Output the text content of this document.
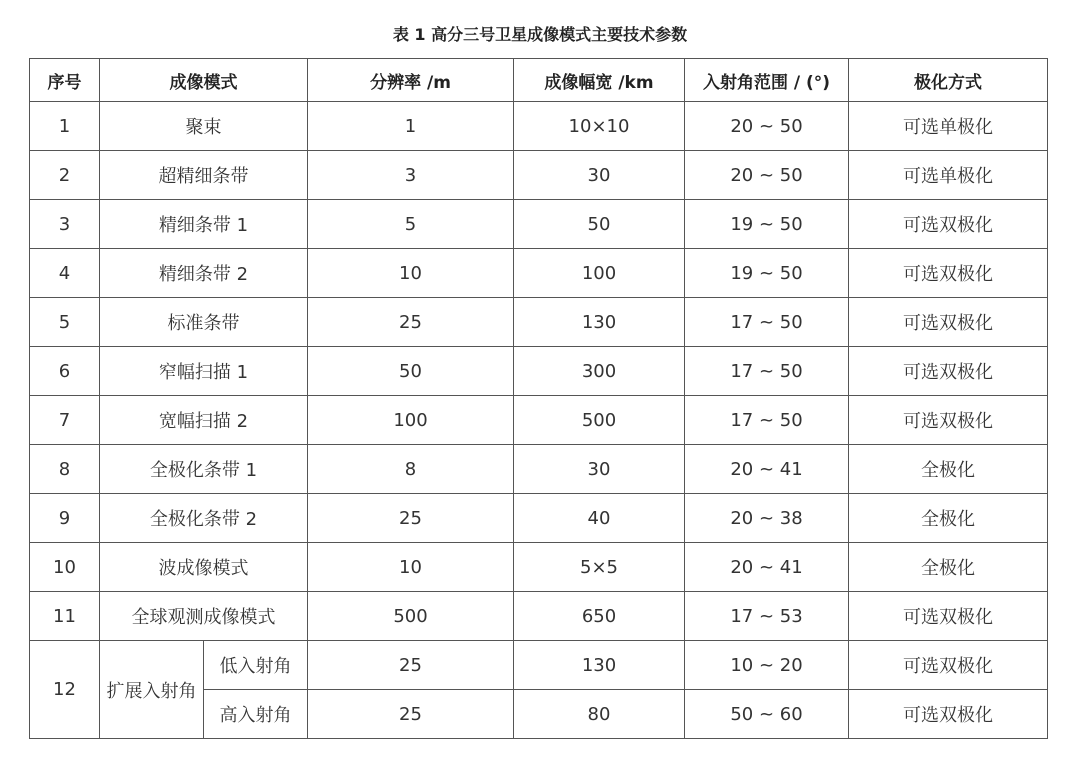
表 1 高分三号卫星成像模式主要技术参数
序号	成像模式		分辨率 /m	成像幅宽 /km	入射角范围 / (°)	极化方式
1	聚束		1	10×10	20 ~ 50	可选单极化
2	超精细条带		3	30	20 ~ 50	可选单极化
3	精细条带 1		5	50	19 ~ 50	可选双极化
4	精细条带 2		10	100	19 ~ 50	可选双极化
5	标准条带		25	130	17 ~ 50	可选双极化
6	窄幅扫描 1		50	300	17 ~ 50	可选双极化
7	宽幅扫描 2		100	500	17 ~ 50	可选双极化
8	全极化条带 1		8	30	20 ~ 41	全极化
9	全极化条带 2		25	40	20 ~ 38	全极化
10	波成像模式		10	5×5	20 ~ 41	全极化
11	全球观测成像模式		500	650	17 ~ 53	可选双极化
12	扩展入射角	低入射角	25	130	10 ~ 20	可选双极化
		高入射角	25	80	50 ~ 60	可选双极化
